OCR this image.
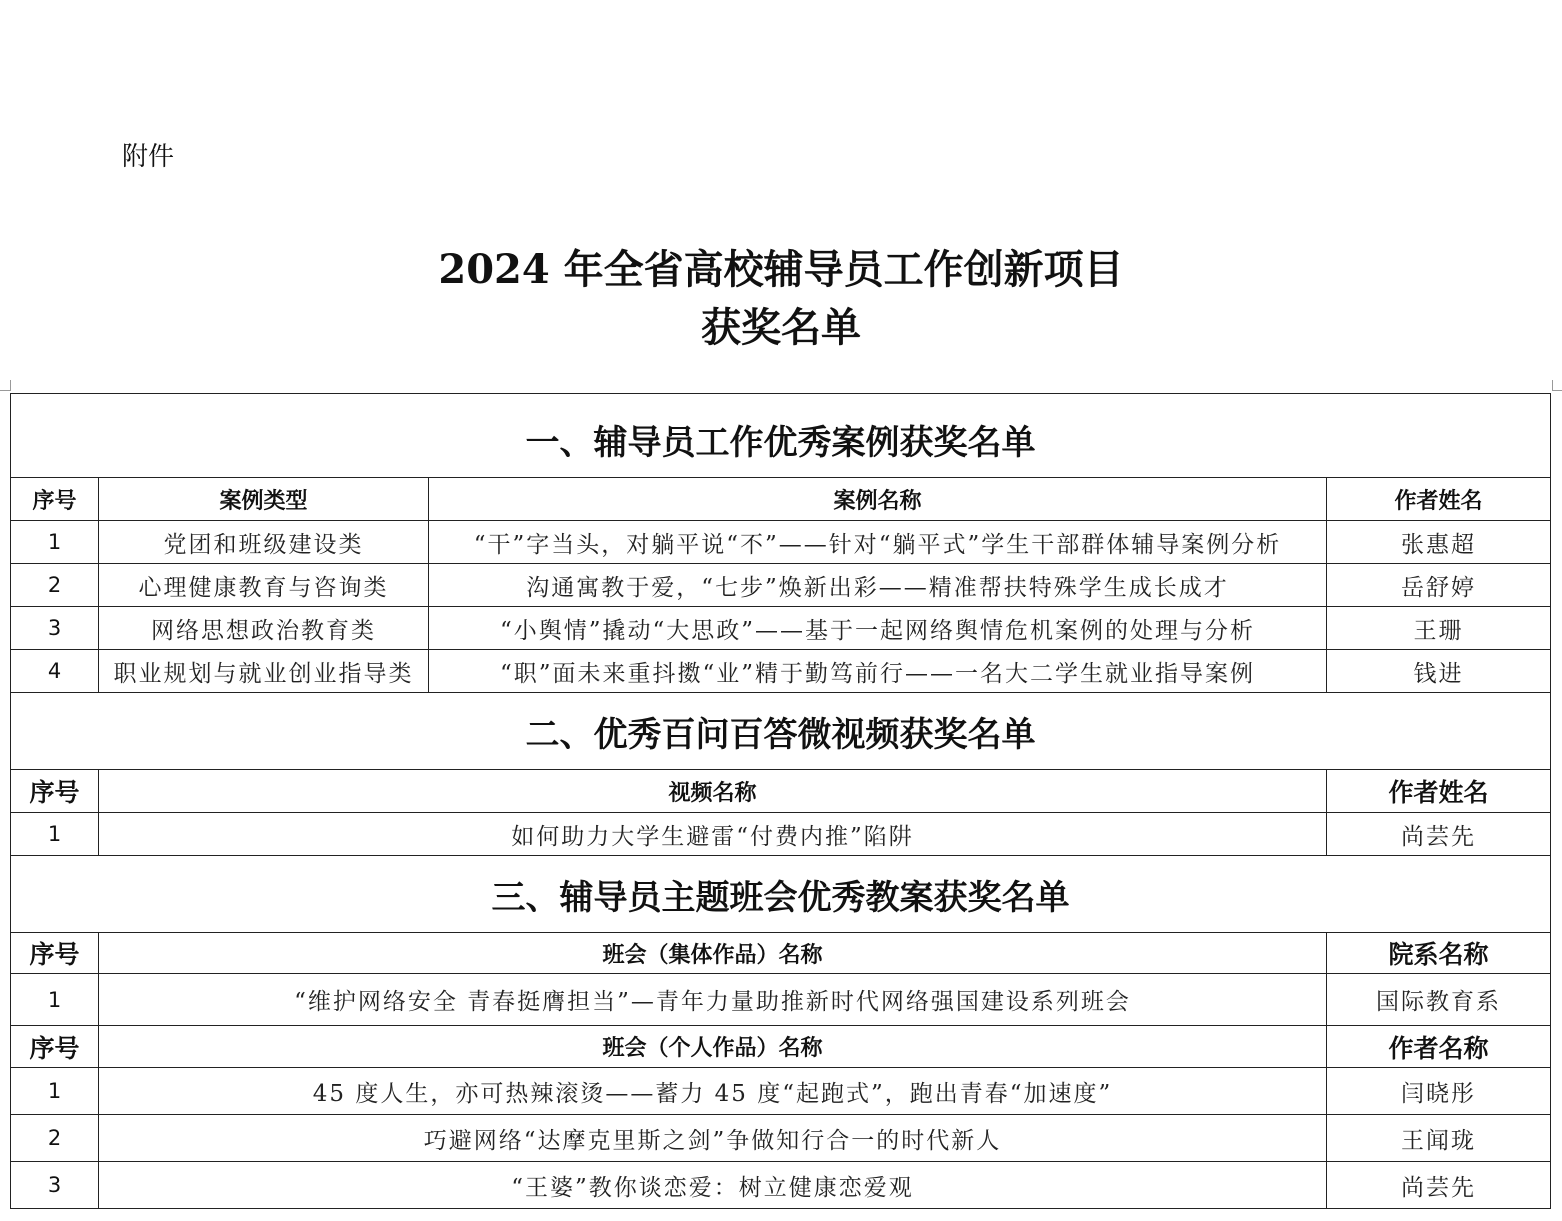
附件
2024 年全省高校辅导员工作创新项目
获奖名单
一、辅导员工作优秀案例获奖名单			
序号	案例类型	案例名称	作者姓名
1	党团和班级建设类	“干”字当头，对躺平说“不”——针对“躺平式”学生干部群体辅导案例分析	张惠超
2	心理健康教育与咨询类	沟通寓教于爱，“七步”焕新出彩——精准帮扶特殊学生成长成才	岳舒婷
3	网络思想政治教育类	“小舆情”撬动“大思政”——基于一起网络舆情危机案例的处理与分析	王珊
4	职业规划与就业创业指导类	“职”面未来重抖擞“业”精于勤笃前行——一名大二学生就业指导案例	钱进
二、优秀百问百答微视频获奖名单			
序号	视频名称		作者姓名
1	如何助力大学生避雷“付费内推”陷阱		尚芸先
三、辅导员主题班会优秀教案获奖名单			
序号	班会（集体作品）名称		院系名称
1	“维护网络安全 青春挺膺担当”—青年力量助推新时代网络强国建设系列班会		国际教育系
序号	班会（个人作品）名称		作者名称
1	45 度人生，亦可热辣滚烫——蓄力 45 度“起跑式”，跑出青春“加速度”		闫晓彤
2	巧避网络“达摩克里斯之剑”争做知行合一的时代新人		王闻珑
3	“王婆”教你谈恋爱：树立健康恋爱观		尚芸先
